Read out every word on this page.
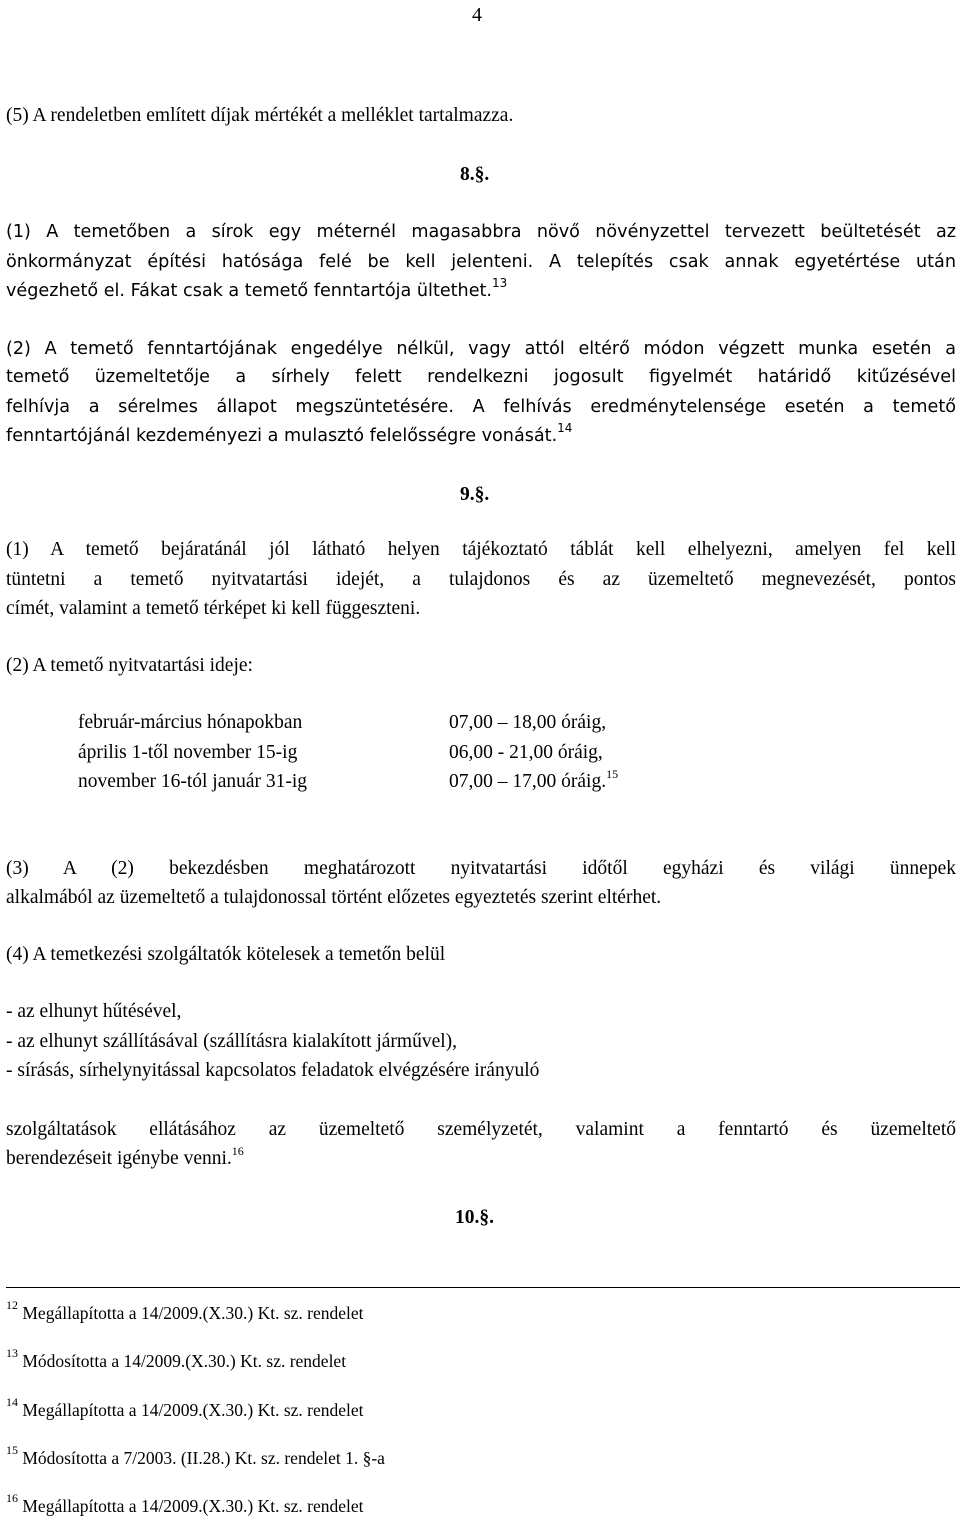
4
(5) A rendeletben említett díjak mértékét a melléklet tartalmazza.
8.§.
(1) A temetőben a sírok egy méternél magasabbra növő növényzettel tervezett beültetését az
önkormányzat építési hatósága felé be kell jelenteni. A telepítés csak annak egyetértése után
végezhető el. Fákat csak a temető fenntartója ültethet.$^{13}$
(2) A temető fenntartójának engedélye nélkül, vagy attól eltérő módon végzett munka esetén a
temető üzemeltetője a sírhely felett rendelkezni jogosult figyelmét határidő kitűzésével
felhívja a sérelmes állapot megszüntetésére. A felhívás eredménytelensége esetén a temető
fenntartójánál kezdeményezi a mulasztó felelősségre vonását.$^{14}$
9.§.
(1) A temető bejáratánál jól látható helyen tájékoztató táblát kell elhelyezni, amelyen fel kell
tüntetni a temető nyitvatartási idejét, a tulajdonos és az üzemeltető megnevezését, pontos
címét, valamint a temető térképet ki kell függeszteni.
(2) A temető nyitvatartási ideje:
február-március hónapokban	07,00 – 18,00 óráig,
április 1-től november 15-ig	06,00 - 21,00 óráig,
november 16-tól január 31-ig	07,00 – 17,00 óráig.$^{15}$
(3) A (2) bekezdésben meghatározott nyitvatartási időtől egyházi és világi ünnepek
alkalmából az üzemeltető a tulajdonossal történt előzetes egyeztetés szerint eltérhet.
(4) A temetkezési szolgáltatók kötelesek a temetőn belül
- az elhunyt hűtésével,
- az elhunyt szállításával (szállításra kialakított járművel),
- sírásás, sírhelynyitással kapcsolatos feladatok elvégzésére irányuló
szolgáltatások ellátásához az üzemeltető személyzetét, valamint a fenntartó és üzemeltető
berendezéseit igénybe venni.$^{16}$
10.§.
$^{12}$ Megállapította a 14/2009.(X.30.) Kt. sz. rendelet
$^{13}$ Módosította a 14/2009.(X.30.) Kt. sz. rendelet
$^{14}$ Megállapította a 14/2009.(X.30.) Kt. sz. rendelet
$^{15}$ Módosította a 7/2003. (II.28.) Kt. sz. rendelet 1. §-a
$^{16}$ Megállapította a 14/2009.(X.30.) Kt. sz. rendelet
